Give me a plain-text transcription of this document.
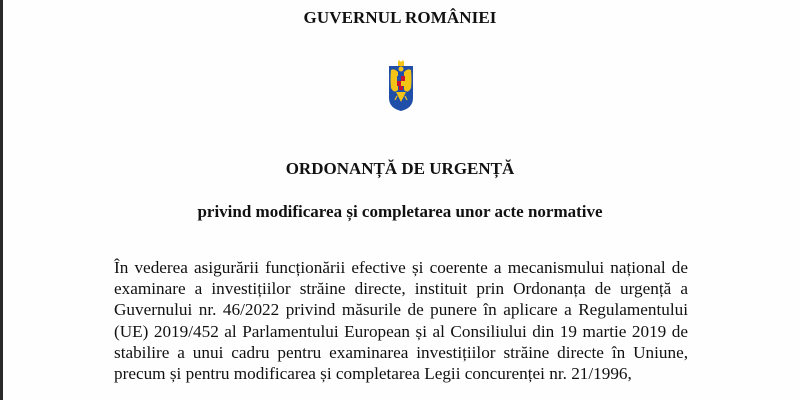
GUVERNUL ROMÂNIEI
ORDONANȚĂ DE URGENȚĂ
privind modificarea și completarea unor acte normative
În vederea asigurării funcționării efective și coerente a mecanismului național de
examinare a investițiilor străine directe, instituit prin Ordonanța de urgență a
Guvernului nr. 46/2022 privind măsurile de punere în aplicare a Regulamentului
(UE) 2019/452 al Parlamentului European și al Consiliului din 19 martie 2019 de
stabilire a unui cadru pentru examinarea investițiilor străine directe în Uniune,
precum și pentru modificarea și completarea Legii concurenței nr. 21/1996,
